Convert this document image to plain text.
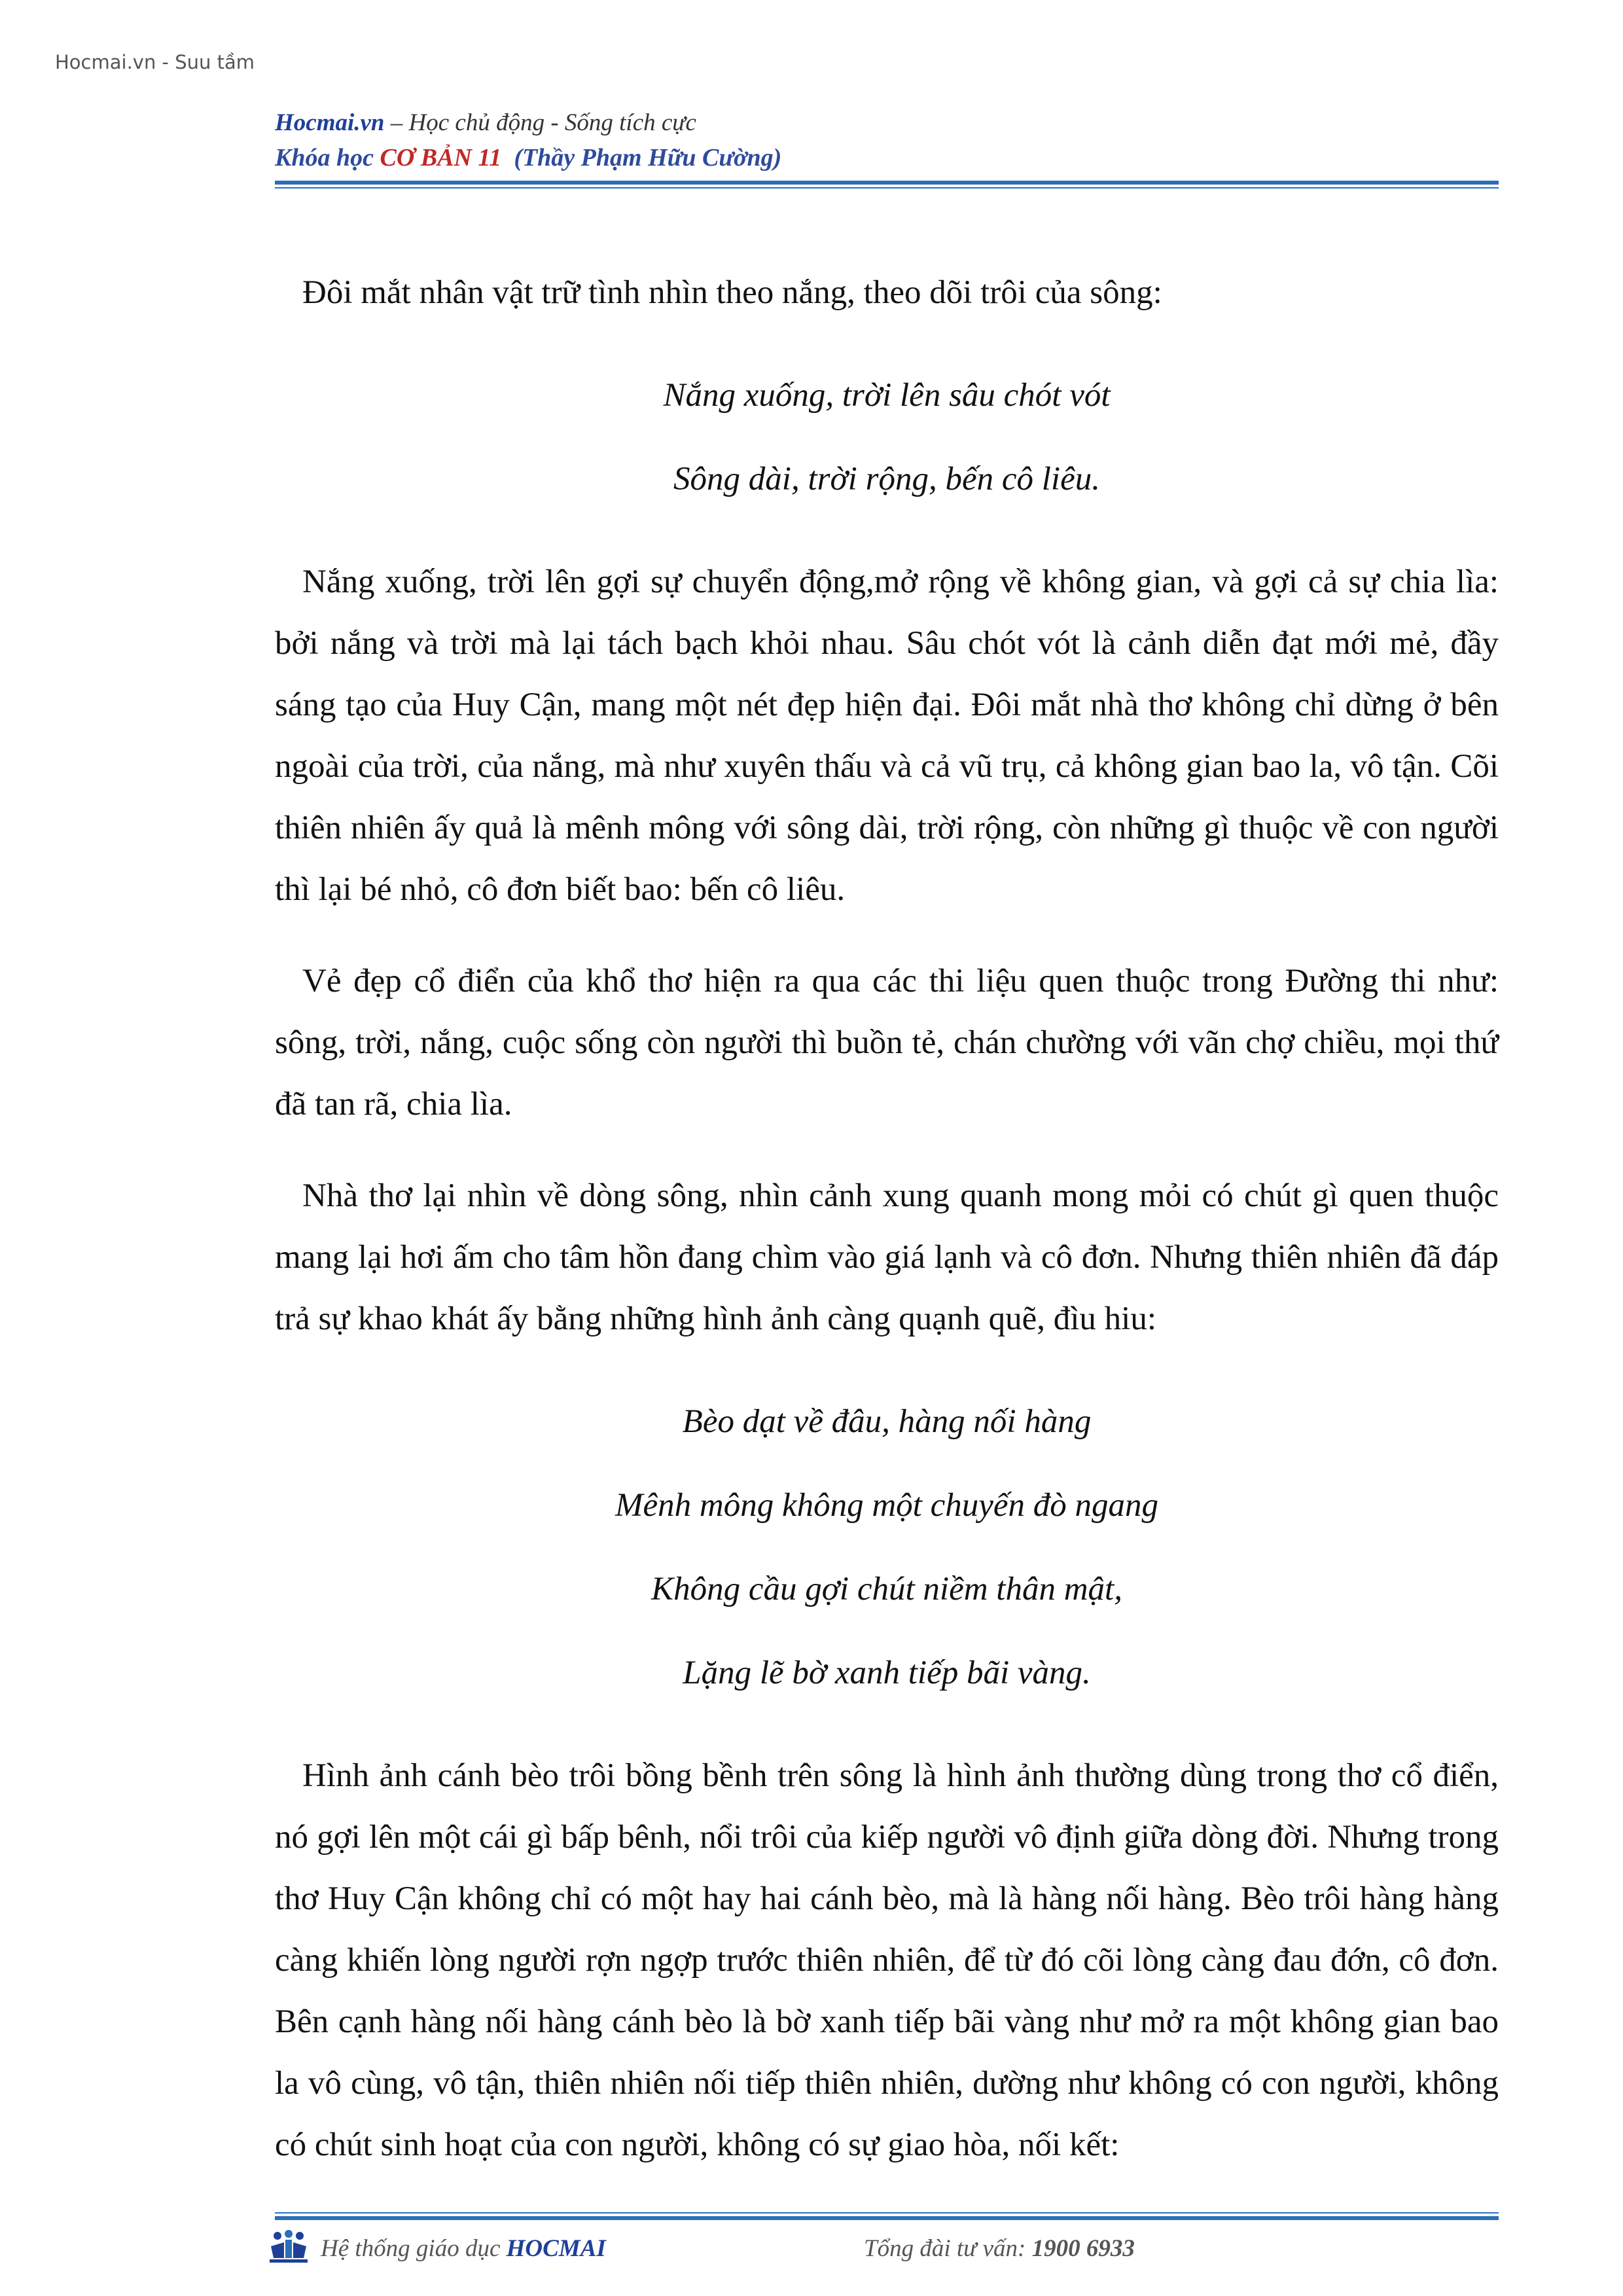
Hocmai.vn - Suu tầm
Hocmai.vn – Học chủ động - Sống tích cực
Khóa học CƠ BẢN 11  (Thầy Phạm Hữu Cường)

Đôi mắt nhân vật trữ tình nhìn theo nắng, theo dõi trôi của sông:

Nắng xuống, trời lên sâu chót vót
Sông dài, trời rộng, bến cô liêu.

Nắng xuống, trời lên gợi sự chuyển động,mở rộng về không gian, và gợi cả sự chia lìa: bởi nắng và trời mà lại tách bạch khỏi nhau. Sâu chót vót là cảnh diễn đạt mới mẻ, đầy sáng tạo của Huy Cận, mang một nét đẹp hiện đại. Đôi mắt nhà thơ không chỉ dừng ở bên ngoài của trời, của nắng, mà như xuyên thấu và cả vũ trụ, cả không gian bao la, vô tận. Cõi thiên nhiên ấy quả là mênh mông với sông dài, trời rộng, còn những gì thuộc về con người thì lại bé nhỏ, cô đơn biết bao: bến cô liêu.

Vẻ đẹp cổ điển của khổ thơ hiện ra qua các thi liệu quen thuộc trong Đường thi như: sông, trời, nắng, cuộc sống còn người thì buồn tẻ, chán chường với vãn chợ chiều, mọi thứ đã tan rã, chia lìa.

Nhà thơ lại nhìn về dòng sông, nhìn cảnh xung quanh mong mỏi có chút gì quen thuộc mang lại hơi ấm cho tâm hồn đang chìm vào giá lạnh và cô đơn. Nhưng thiên nhiên đã đáp trả sự khao khát ấy bằng những hình ảnh càng quạnh quẽ, đìu hiu:

Bèo dạt về đâu, hàng nối hàng
Mênh mông không một chuyến đò ngang
Không cầu gợi chút niềm thân mật,
Lặng lẽ bờ xanh tiếp bãi vàng.

Hình ảnh cánh bèo trôi bồng bềnh trên sông là hình ảnh thường dùng trong thơ cổ điển, nó gợi lên một cái gì bấp bênh, nổi trôi của kiếp người vô định giữa dòng đời. Nhưng trong thơ Huy Cận không chỉ có một hay hai cánh bèo, mà là hàng nối hàng. Bèo trôi hàng hàng càng khiến lòng người rợn ngợp trước thiên nhiên, để từ đó cõi lòng càng đau đớn, cô đơn. Bên cạnh hàng nối hàng cánh bèo là bờ xanh tiếp bãi vàng như mở ra một không gian bao la vô cùng, vô tận, thiên nhiên nối tiếp thiên nhiên, dường như không có con người, không có chút sinh hoạt của con người, không có sự giao hòa, nối kết:

Hệ thống giáo dục HOCMAI	Tổng đài tư vấn: 1900 6933
